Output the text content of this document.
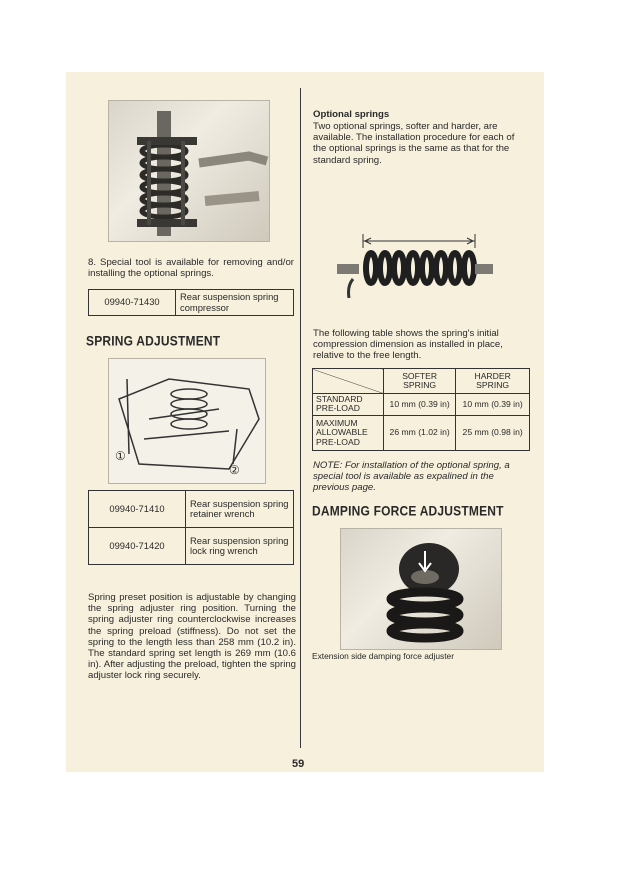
8. Special tool is available for removing and/or installing the optional springs.
09940-71430	Rear suspension spring compressor
SPRING ADJUSTMENT
①
②
09940-71410	Rear suspension spring retainer wrench
09940-71420	Rear suspension spring lock ring wrench
Spring preset position is adjustable by changing the spring adjuster ring position. Turning the spring adjuster ring counterclockwise increases the spring preload (stiffness). Do not set the spring to the length less than 258 mm (10.2 in). The standard spring set length is 269 mm (10.6 in). After adjusting the preload, tighten the spring adjuster lock ring securely.
Optional springs
Two optional springs, softer and harder, are available. The installation procedure for each of the optional springs is the same as that for the standard spring.
The following table shows the spring's initial compression dimension as installed in place, relative to the free length.
	SOFTER SPRING	HARDER SPRING
STANDARD PRE-LOAD	10 mm (0.39 in)	10 mm (0.39 in)
MAXIMUM ALLOWABLE PRE-LOAD	26 mm (1.02 in)	25 mm (0.98 in)
NOTE: For installation of the optional spring, a special tool is available as expalined in the previous page.
DAMPING FORCE ADJUSTMENT
Extension side damping force adjuster
59
